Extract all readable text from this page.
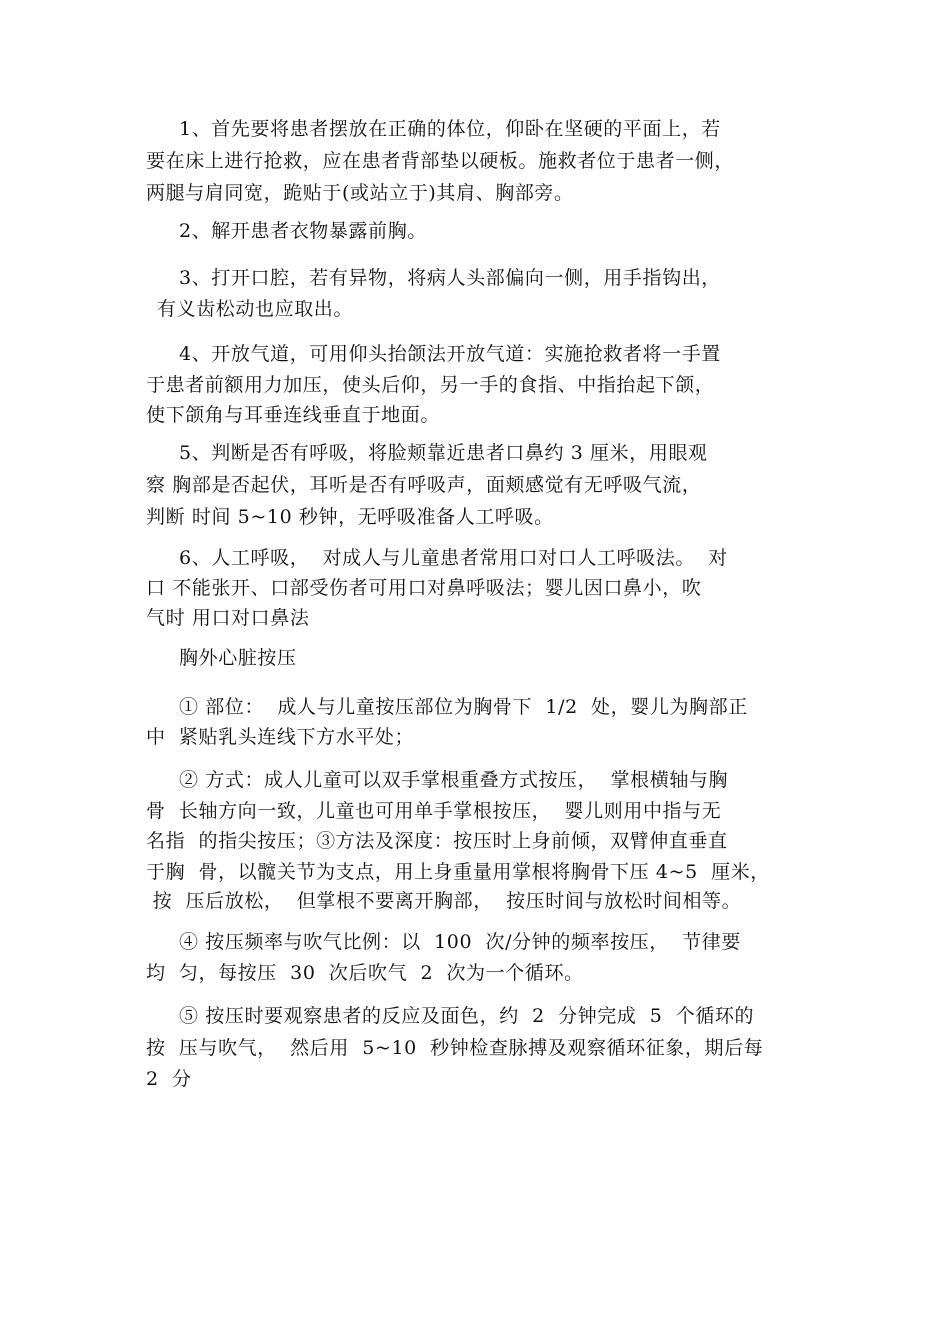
1、首先要将患者摆放在正确的体位，仰卧在坚硬的平面上，若
要在床上进行抢救，应在患者背部垫以硬板。施救者位于患者一侧，
两腿与肩同宽，跪贴于(或站立于)其肩、胸部旁。
2、解开患者衣物暴露前胸。
3、打开口腔，若有异物，将病人头部偏向一侧，用手指钩出，
有义齿松动也应取出。
4、开放气道，可用仰头抬颌法开放气道：实施抢救者将一手置
于患者前额用力加压，使头后仰，另一手的食指、中指抬起下颌，
使下颌角与耳垂连线垂直于地面。
5、判断是否有呼吸，将脸颊靠近患者口鼻约 3 厘米，用眼观
察 胸部是否起伏，耳听是否有呼吸声，面颊感觉有无呼吸气流，
判断 时间 5~10 秒钟，无呼吸准备人工呼吸。
6、人工呼吸，  对成人与儿童患者常用口对口人工呼吸法。  对
口 不能张开、口部受伤者可用口对鼻呼吸法；婴儿因口鼻小，吹
气时 用口对口鼻法
胸外心脏按压
① 部位：  成人与儿童按压部位为胸骨下  1/2  处，婴儿为胸部正
中  紧贴乳头连线下方水平处；
② 方式：成人儿童可以双手掌根重叠方式按压，  掌根横轴与胸
骨  长轴方向一致，儿童也可用单手掌根按压，  婴儿则用中指与无
名指  的指尖按压；③方法及深度：按压时上身前倾，双臂伸直垂直
于胸  骨，以髋关节为支点，用上身重量用掌根将胸骨下压 4~5  厘米，
按  压后放松，  但掌根不要离开胸部，  按压时间与放松时间相等。
④ 按压频率与吹气比例：以  100  次/分钟的频率按压，  节律要
均  匀，每按压  30  次后吹气  2  次为一个循环。
⑤ 按压时要观察患者的反应及面色，约  2  分钟完成  5  个循环的
按  压与吹气，  然后用  5~10  秒钟检查脉搏及观察循环征象，期后每
2  分
